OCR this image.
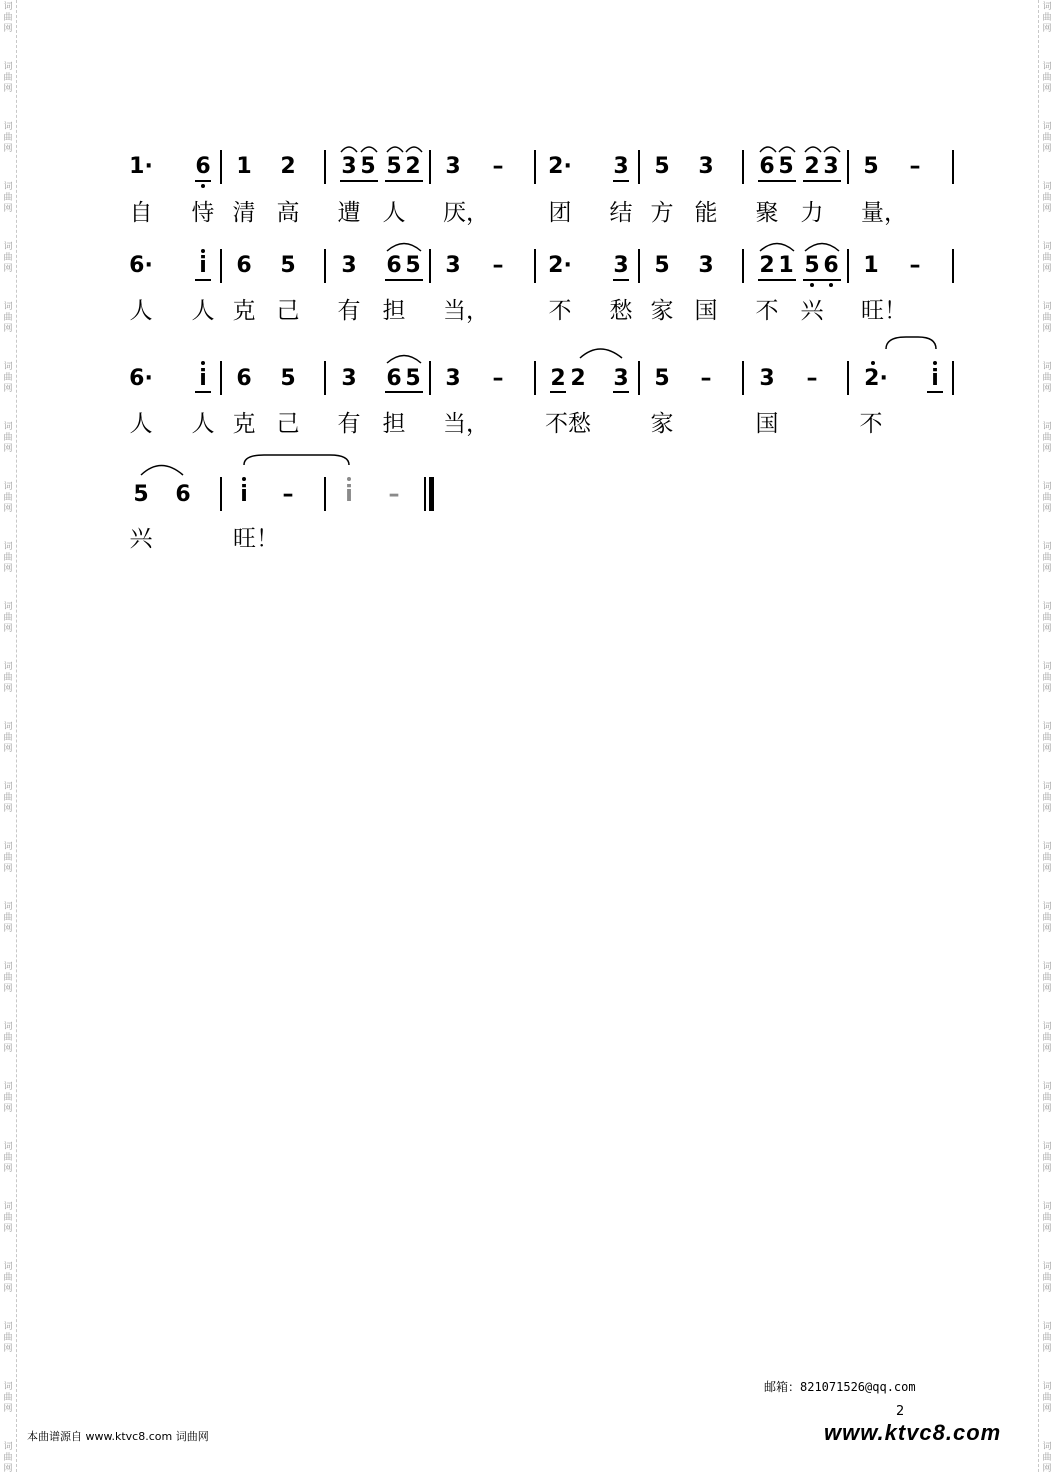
词
曲
网
词
曲
网
词
曲
网
词
曲
网
词
曲
网
词
曲
网
词
曲
网
词
曲
网
词
曲
网
词
曲
网
词
曲
网
词
曲
网
词
曲
网
词
曲
网
词
曲
网
词
曲
网
词
曲
网
词
曲
网
词
曲
网
词
曲
网
词
曲
网
词
曲
网
词
曲
网
词
曲
网
词
曲
网
词
曲
网
词
曲
网
词
曲
网
词
曲
网
词
曲
网
词
曲
网
词
曲
网
词
曲
网
词
曲
网
词
曲
网
词
曲
网
词
曲
网
词
曲
网
词
曲
网
词
曲
网
词
曲
网
词
曲
网
词
曲
网
词
曲
网
词
曲
网
词
曲
网
词
曲
网
词
曲
网
词
曲
网
词
曲
网
1· 6 1 2 3 5 5 2 3 – 2· 3 5 3 6 5 2 3 5 –
自 恃 清 高 遭 人 厌，	团 结 方 能 聚 力 量，
6· i 6 5 3 6 5 3 – 2· 3 5 3 2 1 5 6 1 –
人 人 克 己 有 担 当，	不 愁 家 国 不 兴 旺！
6· i 6 5 3 6 5 3 – 2 2 3 5 – 3 – 2· i
人 人 克 己 有 担 当， 不愁	家	国	不
5 6 i – i –
兴	旺！
邮箱：821071526@qq.com
2
本曲谱源自 www.ktvc8.com 词曲网	www.ktvc8.com
